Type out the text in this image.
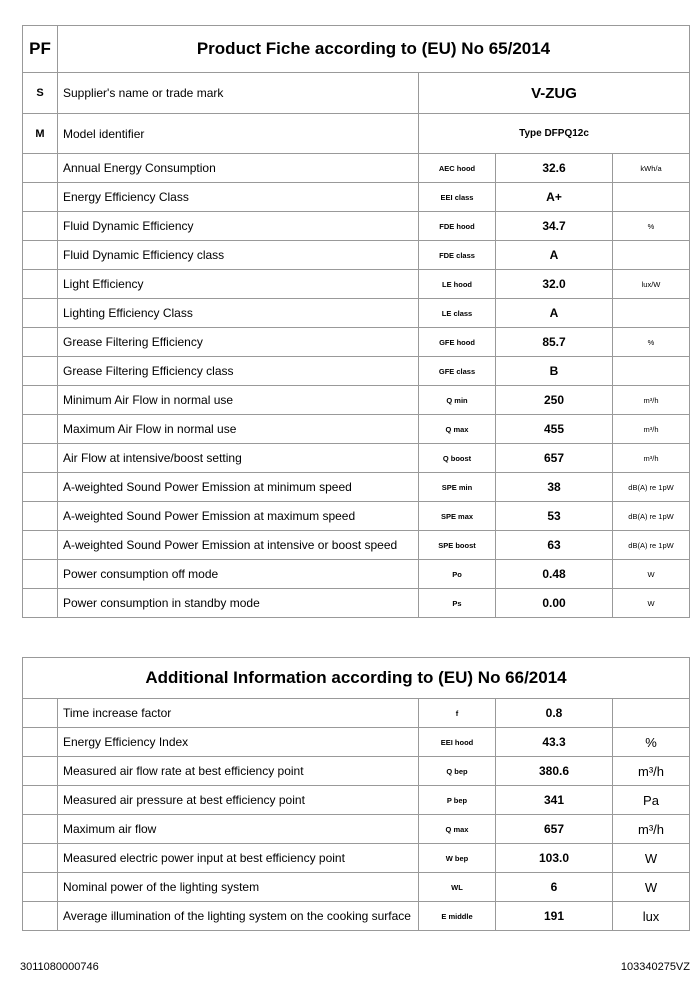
PF	Product Fiche according to (EU) No 65/2014			
S	Supplier's name or trade mark	V-ZUG		
M	Model identifier	Type DFPQ12c		
	Annual Energy Consumption	AEC hood	32.6	kWh/a
	Energy Efficiency Class	EEI class	A+	
	Fluid Dynamic Efficiency	FDE hood	34.7	%
	Fluid Dynamic Efficiency class	FDE class	A	
	Light Efficiency	LE hood	32.0	lux/W
	Lighting Efficiency Class	LE class	A	
	Grease Filtering Efficiency	GFE hood	85.7	%
	Grease Filtering Efficiency class	GFE class	B	
	Minimum Air Flow in normal use	Q min	250	m³/h
	Maximum Air Flow in normal use	Q max	455	m³/h
	Air Flow at intensive/boost setting	Q boost	657	m³/h
	A-weighted Sound Power Emission at minimum speed	SPE min	38	dB(A) re 1pW
	A-weighted Sound Power Emission at maximum speed	SPE max	53	dB(A) re 1pW
	A-weighted Sound Power Emission at intensive or boost speed	SPE boost	63	dB(A) re 1pW
	Power consumption off mode	Po	0.48	W
	Power consumption in standby mode	Ps	0.00	W
Additional Information according to (EU) No 66/2014				
	Time increase factor	f	0.8	
	Energy Efficiency Index	EEI hood	43.3	%
	Measured air flow rate at best efficiency point	Q bep	380.6	m³/h
	Measured air pressure at best efficiency point	P bep	341	Pa
	Maximum air flow	Q max	657	m³/h
	Measured electric power input at best efficiency point	W bep	103.0	W
	Nominal power of the lighting system	WL	6	W
	Average illumination of the lighting system on the cooking surface	E middle	191	lux
3011080000746	103340275VZ
